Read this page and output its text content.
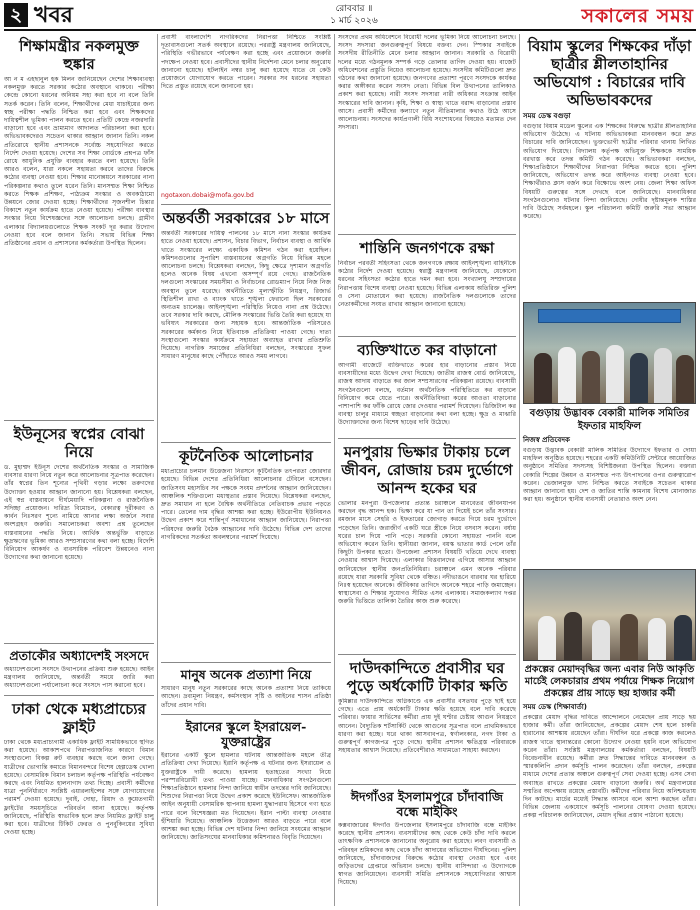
২ খবর	রোববার ॥
১ মার্চ ২০২৬	সকালের সময়
শিক্ষামন্ত্রীর নকলমুক্ত হুঙ্কার
আ ন ম এহছানুল হক মিলন জানিয়েছেন দেশের শিক্ষাব্যবস্থা নকলমুক্ত করতে সরকার কঠোর অবস্থানে থাকবে। পরীক্ষা কেন্দ্রে কোনো ধরনের অনিয়ম সহ্য করা হবে না বলে তিনি সতর্ক করেন। তিনি বলেন, শিক্ষার্থীদের মেধা যাচাইয়ের জন্য স্বচ্ছ পরীক্ষা পদ্ধতি নিশ্চিত করা হবে এবং শিক্ষকদের দায়িত্বশীল ভূমিকা পালন করতে হবে। প্রতিটি কেন্দ্রে নজরদারি বাড়ানো হবে এবং ভ্রাম্যমাণ আদালত পরিচালনা করা হবে। অভিভাবকদেরও সচেতন থাকার আহ্বান জানান তিনি। নকল প্রতিরোধে স্থানীয় প্রশাসনকে সর্বোচ্চ সহযোগিতা করতে নির্দেশ দেওয়া হয়েছে। দেশের সব শিক্ষা বোর্ডকে প্রশ্নপত্র ফাঁস রোধে আধুনিক প্রযুক্তি ব্যবহার করতে বলা হয়েছে। তিনি আরও বলেন, যারা নকলে সহায়তা করবে তাদের বিরুদ্ধে কঠোর ব্যবস্থা নেওয়া হবে। শিক্ষার মানোন্নয়নে সরকারের নানা পরিকল্পনার কথাও তুলে ধরেন তিনি। মানসম্মত শিক্ষা নিশ্চিত করতে শিক্ষক প্রশিক্ষণ, পাঠ্যক্রম সংস্কার ও অবকাঠামো উন্নয়নে জোর দেওয়া হচ্ছে। শিক্ষার্থীদের সৃজনশীল চিন্তার বিকাশে নতুন কার্যক্রম হাতে নেওয়া হয়েছে। পরীক্ষা ব্যবস্থার সংস্কার নিয়ে বিশেষজ্ঞদের সঙ্গে আলোচনা চলছে। গ্রামীণ এলাকার বিদ্যালয়গুলোতে শিক্ষক সংকট দূর করার উদ্যোগ নেওয়া হবে বলে জানান তিনি। সভায় বিভিন্ন শিক্ষা প্রতিষ্ঠানের প্রধান ও প্রশাসনের কর্মকর্তারা উপস্থিত ছিলেন।
ইউনূসের স্বপ্নের বোঝা নিয়ে
ড. মুহাম্মদ ইউনূস দেশের অর্থনৈতিক সংস্কার ও সামাজিক ব্যবসার ধারণা নিয়ে নতুন করে আলোচনার সূত্রপাত করেছেন। তাঁর স্বপ্নের তিন শূন্যের পৃথিবী গড়ার লক্ষ্যে তরুণদের উদ্যোক্তা হওয়ার আহ্বান জানানো হয়। বিশ্লেষকরা বলছেন, এই স্বপ্ন বাস্তবায়নে দীর্ঘমেয়াদি পরিকল্পনা ও রাজনৈতিক সদিচ্ছা প্রয়োজন। দারিদ্র্য বিমোচন, বেকারত্ব দূরীকরণ ও কার্বন নিঃসরণ শূন্যে নামিয়ে আনার লক্ষ্য অর্জনে সবার অংশগ্রহণ জরুরি। সমালোচকরা অবশ্য প্রশ্ন তুলেছেন বাস্তবায়নের পদ্ধতি নিয়ে। আর্থিক অন্তর্ভুক্তি বাড়াতে ক্ষুদ্রঋণের ভূমিকা আরও সম্প্রসারণের কথা বলা হচ্ছে। বিদেশি বিনিয়োগ আকর্ষণ ও ব্যবসায়িক পরিবেশ উন্নয়নেও নানা উদ্যোগের কথা জানানো হয়েছে।
প্রতাকৌর অধ্যাদেশই সংসদে
অধ্যাদেশগুলো সংসদে উত্থাপনের প্রক্রিয়া শুরু হয়েছে। আইন মন্ত্রণালয় জানিয়েছে, অন্তর্বর্তী সময়ে জারি করা অধ্যাদেশগুলো পর্যালোচনা করে সংসদে পাস করানো হবে।
ঢাকা থেকে মধ্যপ্রাচ্যের ফ্লাইট
ঢাকা থেকে মধ্যপ্রাচ্যগামী একাধিক ফ্লাইট সাময়িকভাবে স্থগিত করা হয়েছে। আকাশপথে নিরাপত্তাজনিত কারণে বিমান সংস্থাগুলো বিকল্প রুট ব্যবহার করছে বলে জানা গেছে। যাত্রীদের ভোগান্তি কমাতে বিমানবন্দরে বিশেষ হেল্পডেস্ক খোলা হয়েছে। বেসামরিক বিমান চলাচল কর্তৃপক্ষ পরিস্থিতি পর্যবেক্ষণ করছে এবং নিয়মিত হালনাগাদ তথ্য দিচ্ছে। প্রবাসী কর্মীদের যাত্রা পুনর্নির্ধারণে সংশ্লিষ্ট এয়ারলাইন্সের সঙ্গে যোগাযোগের পরামর্শ দেওয়া হয়েছে। দুবাই, দোহা, রিয়াদ ও কুয়েতগামী ফ্লাইটের সময়সূচিতে পরিবর্তন আনা হয়েছে। কর্তৃপক্ষ জানিয়েছে, পরিস্থিতি স্বাভাবিক হলে দ্রুত নিয়মিত ফ্লাইট চালু করা হবে। যাত্রীদের টিকিট ফেরত ও পুনর্বুকিংয়ের সুবিধা দেওয়া হচ্ছে।
প্রবাসী বাংলাদেশি নাগরিকদের নিরাপত্তা নিশ্চিতে সংশ্লিষ্ট দূতাবাসগুলো সতর্ক অবস্থানে রয়েছে। পররাষ্ট্র মন্ত্রণালয় জানিয়েছে, পরিস্থিতি গভীরভাবে পর্যবেক্ষণ করা হচ্ছে এবং প্রয়োজনে জরুরি পদক্ষেপ নেওয়া হবে। প্রবাসীদের স্থানীয় নির্দেশনা মেনে চলার অনুরোধ জানানো হয়েছে। হটলাইন নম্বর চালু করা হয়েছে যাতে যে কেউ প্রয়োজনে যোগাযোগ করতে পারেন। সরকার সব ধরনের সহায়তা দিতে প্রস্তুত রয়েছে বলে জানানো হয়।
ngotaxon.dobai@mofa.gov.bd
অন্তর্বর্তী সরকারের ১৮ মাসে
অন্তর্বর্তী সরকারের দায়িত্ব পালনের ১৮ মাসে নানা সংস্কার কার্যক্রম হাতে নেওয়া হয়েছে। প্রশাসন, বিচার বিভাগ, নির্বাচন ব্যবস্থা ও আর্থিক খাতে সংস্কারের লক্ষ্যে একাধিক কমিশন গঠন করা হয়েছিল। কমিশনগুলোর সুপারিশ বাস্তবায়নের অগ্রগতি নিয়ে বিভিন্ন মহলে আলোচনা চলছে। বিশ্লেষকরা বলছেন, কিছু ক্ষেত্রে দৃশ্যমান অগ্রগতি হলেও অনেক বিষয় এখনো অসম্পূর্ণ রয়ে গেছে। রাজনৈতিক দলগুলো সংস্কারের সময়সীমা ও নির্বাচনের রোডম্যাপ নিয়ে নিজ নিজ অবস্থান তুলে ধরেছে। অর্থনীতিতে মূল্যস্ফীতি নিয়ন্ত্রণ, রিজার্ভ স্থিতিশীল রাখা ও ব্যাংক খাতে শৃঙ্খলা ফেরানো ছিল সরকারের অন্যতম চ্যালেঞ্জ। আইনশৃঙ্খলা পরিস্থিতি নিয়েও নানা প্রশ্ন উঠেছে। তবে সরকার দাবি করছে, মৌলিক সংস্কারের ভিত্তি তৈরি করা হয়েছে যা ভবিষ্যৎ সরকারের জন্য সহায়ক হবে। আন্তর্জাতিক পরিসরেও সরকারের কর্মকাণ্ড নিয়ে ইতিবাচক প্রতিক্রিয়া পাওয়া গেছে। দাতা সংস্থাগুলো সংস্কার কার্যক্রমে সহায়তা অব্যাহত রাখার প্রতিশ্রুতি দিয়েছে। নাগরিক সমাজের প্রতিনিধিরা বলছেন, সংস্কারের সুফল সাধারণ মানুষের কাছে পৌঁছাতে আরও সময় লাগবে।
কূটনৈতিক আলোচনার
মধ্যপ্রাচ্যের চলমান উত্তেজনা নিরসনে কূটনৈতিক তৎপরতা জোরদার হয়েছে। বিভিন্ন দেশের প্রতিনিধিরা আলোচনার টেবিলে বসেছেন। জাতিসংঘ মহাসচিব সব পক্ষকে সংযম প্রদর্শনের আহ্বান জানিয়েছেন। আঞ্চলিক শক্তিগুলো মধ্যস্থতার প্রস্তাব দিয়েছে। বিশ্লেষকরা বলছেন, দ্রুত সমাধান না হলে বৈশ্বিক অর্থনীতিতে নেতিবাচক প্রভাব পড়তে পারে। তেলের দাম বৃদ্ধির আশঙ্কা করা হচ্ছে। ইউরোপীয় ইউনিয়নও উদ্বেগ প্রকাশ করে শান্তিপূর্ণ সমাধানের আহ্বান জানিয়েছে। নিরাপত্তা পরিষদের জরুরি বৈঠক আহ্বানের দাবি উঠেছে। বিভিন্ন দেশ তাদের নাগরিকদের সতর্কতা অবলম্বনের পরামর্শ দিয়েছে।
মানুষ অনেক প্রত্যাশা নিয়ে
সাধারণ মানুষ নতুন সরকারের কাছে অনেক প্রত্যাশা নিয়ে তাকিয়ে আছেন। দ্রব্যমূল্য নিয়ন্ত্রণ, কর্মসংস্থান সৃষ্টি ও আইনের শাসন প্রতিষ্ঠা তাঁদের প্রধান দাবি।
ইরানের স্কুলে ইসরায়েল-যুক্তরাষ্ট্রের
ইরানের একটি স্কুলে হামলার ঘটনায় আন্তর্জাতিক মহলে তীব্র প্রতিক্রিয়া দেখা দিয়েছে। ইরানি কর্তৃপক্ষ এ ঘটনার জন্য ইসরায়েল ও যুক্তরাষ্ট্রকে দায়ী করেছে। হামলায় হতাহতের সংখ্যা নিয়ে পরস্পরবিরোধী তথ্য পাওয়া যাচ্ছে। মানবাধিকার সংগঠনগুলো শিক্ষাপ্রতিষ্ঠানে হামলার নিন্দা জানিয়ে স্বাধীন তদন্তের দাবি জানিয়েছে। শিশুদের নিরাপত্তা নিয়ে উদ্বেগ প্রকাশ করেছে ইউনিসেফ। আন্তর্জাতিক আইন অনুযায়ী বেসামরিক স্থাপনায় হামলা যুদ্ধাপরাধ হিসেবে গণ্য হতে পারে বলে বিশেষজ্ঞরা মত দিয়েছেন। ইরান পাল্টা ব্যবস্থা নেওয়ার হুঁশিয়ারি দিয়েছে। আঞ্চলিক উত্তেজনা আরও বাড়তে পারে বলে আশঙ্কা করা হচ্ছে। বিভিন্ন দেশ ঘটনার নিন্দা জানিয়ে সংযমের আহ্বান জানিয়েছে। জাতিসংঘের মানবাধিকার কমিশনারও বিবৃতি দিয়েছেন।
সংসদের প্রথম অধিবেশনে বিরোধী দলের ভূমিকা নিয়ে আলোচনা চলছে। সংসদ সদস্যরা জনগুরুত্বপূর্ণ বিষয়ে বক্তব্য দেন। স্পিকার সবাইকে সংসদীয় রীতিনীতি মেনে চলার আহ্বান জানান। সরকারি ও বিরোধী দলের মধ্যে গঠনমূলক সম্পর্ক গড়ে তোলার তাগিদ দেওয়া হয়। বাজেট অধিবেশনের প্রস্তুতি নিয়েও আলোচনা হয়েছে। সংসদীয় কমিটিগুলো দ্রুত গঠনের কথা জানানো হয়েছে। জনগণের প্রত্যাশা পূরণে সংসদকে কার্যকর করার অঙ্গীকার করেন সংসদ নেতা। বিভিন্ন বিল উত্থাপনের তালিকাও প্রকাশ করা হয়েছে। নারী সংসদ সদস্যরা নারী অধিকার সংক্রান্ত আইন সংস্কারের দাবি জানান। কৃষি, শিক্ষা ও স্বাস্থ্য খাতে বরাদ্দ বাড়ানোর প্রস্তাব আসে। প্রবাসী কর্মীদের কল্যাণে নতুন নীতিমালার কথাও উঠে আসে আলোচনায়। সংসদের কার্যপ্রণালী বিধি সংশোধনের বিষয়েও মতামত দেন সদস্যরা।
শান্তিনি জনগণকে রক্ষা
নির্বাচন পরবর্তী সহিংসতা থেকে জনগণকে রক্ষায় আইনশৃঙ্খলা বাহিনীকে কঠোর নির্দেশ দেওয়া হয়েছে। স্বরাষ্ট্র মন্ত্রণালয় জানিয়েছে, যেকোনো ধরনের সহিংসতা কঠোর হাতে দমন করা হবে। সংখ্যালঘু সম্প্রদায়ের নিরাপত্তায় বিশেষ ব্যবস্থা নেওয়া হয়েছে। বিভিন্ন এলাকায় অতিরিক্ত পুলিশ ও সেনা মোতায়েন করা হয়েছে। রাজনৈতিক দলগুলোকে তাদের নেতাকর্মীদের সংযত রাখার আহ্বান জানানো হয়েছে।
ব্যক্তিখাতে কর বাড়ানো
আগামী বাজেটে ব্যক্তিখাতে করের হার বাড়ানোর প্রস্তাব নিয়ে ব্যবসায়ীদের মধ্যে উদ্বেগ দেখা দিয়েছে। জাতীয় রাজস্ব বোর্ড জানিয়েছে, রাজস্ব আদায় বাড়াতে কর জাল সম্প্রসারণের পরিকল্পনা রয়েছে। ব্যবসায়ী সংগঠনগুলো বলছে, বর্তমান অর্থনৈতিক পরিস্থিতিতে কর বাড়ালে বিনিয়োগ কমে যেতে পারে। অর্থনীতিবিদরা করের আওতা বাড়ানোর পাশাপাশি কর ফাঁকি রোধে জোর দেওয়ার পরামর্শ দিয়েছেন। ডিজিটাল কর ব্যবস্থা চালুর মাধ্যমে স্বচ্ছতা বাড়ানোর কথা বলা হচ্ছে। ক্ষুদ্র ও মাঝারি উদ্যোক্তাদের জন্য বিশেষ ছাড়ের দাবি উঠেছে।
মনপুরায় ভিক্ষার টাকায় চলে জীবন, রোজায় চরম দুর্ভোগে আনন্দ হকের ঘর
ভোলার মনপুরা উপজেলার প্রত্যন্ত চরাঞ্চলে মানবেতর জীবনযাপন করছেন বৃদ্ধ আনন্দ হক। ভিক্ষা করে যা পান তা দিয়েই চলে তাঁর সংসার। রমজান মাসে সেহরি ও ইফতারের জোগাড় করতে গিয়ে চরম দুর্ভোগে পড়েছেন তিনি। জরাজীর্ণ একটি ঘরে স্ত্রীকে নিয়ে বসবাস করেন। বর্ষায় ঘরের চাল দিয়ে পানি পড়ে। সরকারি কোনো সহায়তা পাননি বলে অভিযোগ করেন তিনি। স্থানীয়রা জানান, বয়স্ক ভাতার কার্ড পেলে তাঁর কিছুটা উপকার হতো। উপজেলা প্রশাসন বিষয়টি খতিয়ে দেখে ব্যবস্থা নেওয়ার আশ্বাস দিয়েছে। এলাকার বিত্তবানদের এগিয়ে আসার আহ্বান জানিয়েছেন স্থানীয় জনপ্রতিনিধিরা। চরাঞ্চলে এমন অনেক পরিবার রয়েছে যারা সরকারি সুবিধা থেকে বঞ্চিত। নদীভাঙনে বারবার ঘর হারিয়ে নিঃস্ব হয়েছেন অনেকে। জীবিকার তাগিদে অনেকে শহরে পাড়ি জমাচ্ছেন। স্বাস্থ্যসেবা ও শিক্ষার সুযোগও সীমিত এসব এলাকায়। সমাজকল্যাণ দপ্তর জরুরি ভিত্তিতে তালিকা তৈরির কাজ শুরু করেছে।
দাউদকান্দিতে প্রবাসীর ঘর পুড়ে অর্ধকোটি টাকার ক্ষতি
কুমিল্লার দাউদকান্দিতে অগ্নিকাণ্ডে এক প্রবাসীর বসতঘর পুড়ে ছাই হয়ে গেছে। এতে প্রায় অর্ধকোটি টাকার ক্ষতি হয়েছে বলে দাবি করেছে পরিবার। ফায়ার সার্ভিসের কর্মীরা প্রায় দুই ঘণ্টার চেষ্টায় আগুন নিয়ন্ত্রণে আনেন। বৈদ্যুতিক শর্টসার্কিট থেকে আগুনের সূত্রপাত বলে প্রাথমিকভাবে ধারণা করা হচ্ছে। ঘরে থাকা আসবাবপত্র, স্বর্ণালংকার, নগদ টাকা ও গুরুত্বপূর্ণ কাগজপত্র পুড়ে গেছে। স্থানীয় প্রশাসন ক্ষতিগ্রস্ত পরিবারকে সহায়তার আশ্বাস দিয়েছে। প্রতিবেশীরাও সাধ্যমতো সাহায্য করছেন।
ঈদগাঁওর ইসলামপুরে চাঁদাবাজি বন্ধে মাইকিং
কক্সবাজারের ঈদগাঁও উপজেলার ইসলামপুরে চাঁদাবাজি বন্ধে মাইকিং করেছে স্থানীয় প্রশাসন। ব্যবসায়ীদের কাছ থেকে কেউ চাঁদা দাবি করলে তাৎক্ষণিক প্রশাসনকে জানানোর অনুরোধ করা হয়েছে। লবণ ব্যবসায়ী ও পরিবহন শ্রমিকদের কাছ থেকে চাঁদা আদায়ের অভিযোগ দীর্ঘদিনের। পুলিশ জানিয়েছে, চাঁদাবাজদের বিরুদ্ধে কঠোর ব্যবস্থা নেওয়া হবে এবং জড়িতদের গ্রেপ্তারে অভিযান চলছে। স্থানীয় বাসিন্দারা এ উদ্যোগকে স্বাগত জানিয়েছেন। ব্যবসায়ী সমিতি প্রশাসনকে সহযোগিতার আশ্বাস দিয়েছে।
বিয়াম স্কুলের শিক্ষকের দাঁড়া ছাত্রীর শ্লীলতাহানির অভিযোগ : বিচারের দাবি অভিভাবকদের
সময় ডেস্ক বগুড়া
বগুড়ার বিয়াম মডেল স্কুলের এক শিক্ষকের বিরুদ্ধে ছাত্রীর শ্লীলতাহানির অভিযোগ উঠেছে। এ ঘটনায় অভিভাবকরা মানববন্ধন করে দ্রুত বিচারের দাবি জানিয়েছেন। ভুক্তভোগী ছাত্রীর পরিবার থানায় লিখিত অভিযোগ দিয়েছে। বিদ্যালয় কর্তৃপক্ষ অভিযুক্ত শিক্ষককে সাময়িক বরখাস্ত করে তদন্ত কমিটি গঠন করেছে। অভিভাবকরা বলছেন, শিক্ষাপ্রতিষ্ঠানে শিক্ষার্থীদের নিরাপত্তা নিশ্চিত করতে হবে। পুলিশ জানিয়েছে, অভিযোগ তদন্ত করে আইনগত ব্যবস্থা নেওয়া হবে। শিক্ষার্থীরাও ক্লাস বর্জন করে বিক্ষোভে অংশ নেয়। জেলা শিক্ষা অফিস বিষয়টি গুরুত্বের সঙ্গে দেখছে বলে জানিয়েছে। মানবাধিকার সংগঠনগুলোও ঘটনার নিন্দা জানিয়েছে। দোষীর দৃষ্টান্তমূলক শাস্তির দাবি উঠেছে সর্বমহলে। স্কুল পরিচালনা কমিটি জরুরি সভা আহ্বান করেছে।
বগুড়ায় উদ্ভাবক বেকারী মালিক সমিতির ইফতার মাহফিল
নিজস্ব প্রতিবেদক
বগুড়ায় উদ্ভাবক বেকারী মালিক সমিতির উদ্যোগে ইফতার ও দোয়া মাহফিল অনুষ্ঠিত হয়েছে। শহরের একটি কমিউনিটি সেন্টারে আয়োজিত অনুষ্ঠানে সমিতির সদস্যসহ বিশিষ্টজনরা উপস্থিত ছিলেন। বক্তারা বেকারি শিল্পের উন্নয়ন ও মানসম্মত পণ্য উৎপাদনের ওপর গুরুত্বারোপ করেন। ভেজালমুক্ত খাদ্য নিশ্চিত করতে সবাইকে সচেতন থাকার আহ্বান জানানো হয়। দেশ ও জাতির শান্তি কামনায় বিশেষ মোনাজাত করা হয়। অনুষ্ঠানে স্থানীয় ব্যবসায়ী নেতারাও অংশ নেন।
প্রকল্পের মেয়াদবৃদ্ধির জন্য এবার নিউ আকৃতি মার্চেই লেকচারার প্রথম পর্যায়ে শিক্ষক নিয়োগ প্রকল্পের প্রায় সাড়ে ছয় হাজার কর্মী
সময় ডেস্ক (শিক্ষাবার্তা)
প্রকল্পের মেয়াদ বৃদ্ধির দাবিতে আন্দোলনে নেমেছেন প্রায় সাড়ে ছয় হাজার কর্মী। তাঁরা জানিয়েছেন, প্রকল্পের মেয়াদ শেষ হলে চাকরি হারানোর আশঙ্কায় রয়েছেন তাঁরা। দীর্ঘদিন ধরে প্রকল্পে কাজ করলেও রাজস্ব খাতে স্থানান্তরের কোনো উদ্যোগ নেওয়া হয়নি বলে অভিযোগ করেন তাঁরা। সংশ্লিষ্ট মন্ত্রণালয়ের কর্মকর্তারা বলছেন, বিষয়টি বিবেচনাধীন রয়েছে। কর্মীরা দ্রুত সিদ্ধান্তের দাবিতে মানববন্ধন ও স্মারকলিপি প্রদান কর্মসূচি পালন করেছেন। তাঁরা বলছেন, প্রকল্পের মাধ্যমে দেশের প্রত্যন্ত অঞ্চলে গুরুত্বপূর্ণ সেবা দেওয়া হচ্ছে। এসব সেবা অব্যাহত রাখতে প্রকল্পের মেয়াদ বাড়ানো জরুরি। অর্থ মন্ত্রণালয়ের সম্মতির অপেক্ষায় রয়েছে প্রস্তাবটি। কর্মীদের পরিবার নিয়ে অনিশ্চয়তায় দিন কাটছে। মার্চের মধ্যেই সিদ্ধান্ত আসবে বলে আশা করছেন তাঁরা। বিভিন্ন জেলায় একযোগে কর্মসূচি পালনের ঘোষণা দেওয়া হয়েছে। প্রকল্প পরিচালক জানিয়েছেন, মেয়াদ বৃদ্ধির প্রস্তাব পাঠানো হয়েছে।
